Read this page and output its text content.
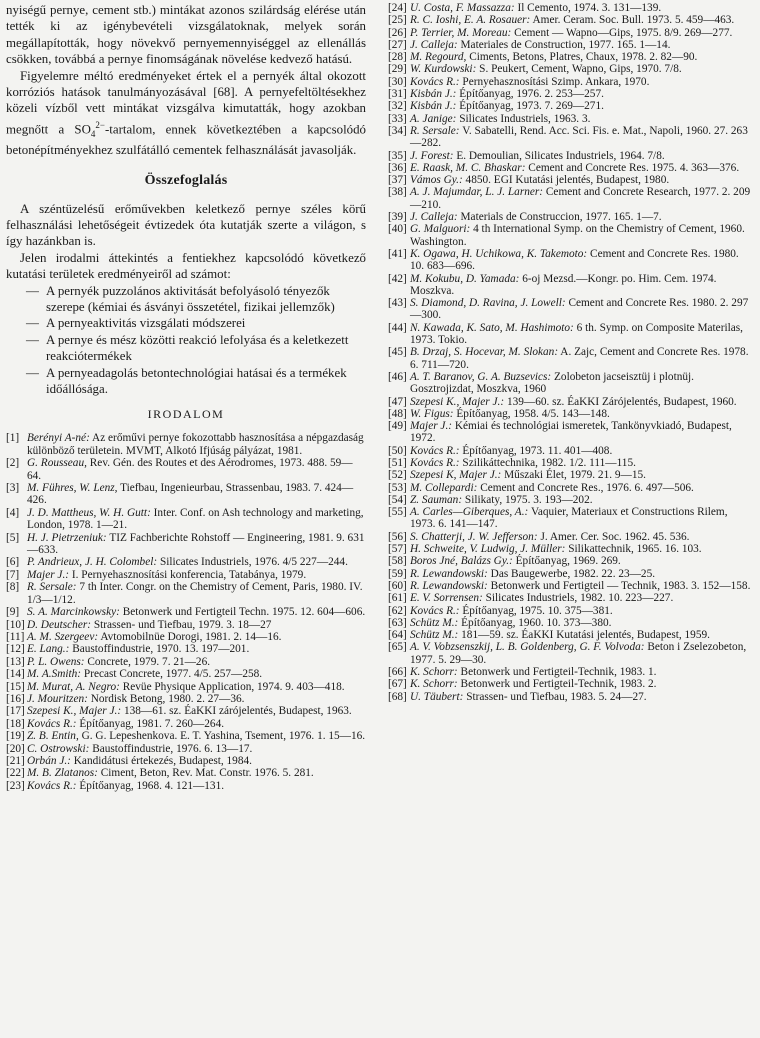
nyiségű pernye, cement stb.) mintákat azonos szilárdság elérése után tették ki az igénybevételi vizsgálatoknak, melyek során megállapították, hogy növekvő pernyemennyiséggel az ellenállás csökken, továbbá a pernye finomságának növelése kedvező hatású.

Figyelemre méltó eredményeket értek el a pernyék által okozott korróziós hatások tanulmányozásával [68]. A pernyefeltöltésekhez közeli vízből vett mintákat vizsgálva kimutatták, hogy azokban megnőtt a $SO_4^{2-}$-tartalom, ennek következtében a kapcsolódó betonépítményekhez szulfátálló cementek felhasználását javasolják.

Összefoglalás

A széntüzelésű erőművekben keletkező pernye széles körű felhasználási lehetőségeit évtizedek óta kutatják szerte a világon, s így hazánkban is.

Jelen irodalmi áttekintés a fentiekhez kapcsolódó következő kutatási területek eredményeiről ad számot:

— A pernyék puzzolános aktivitását befolyásoló tényezők szerepe (kémiai és ásványi összetétel, fizikai jellemzők)
— A pernyeaktivitás vizsgálati módszerei
— A pernye és mész közötti reakció lefolyása és a keletkezett reakciótermékek
— A pernyeadagolás betontechnológiai hatásai és a termékek időállósága.
IRODALOM
[1] Berényi A-né: Az erőművi pernye fokozottabb hasznosítása a népgazdaság különböző területein. MVMT, Alkotó Ifjúság pályázat, 1981.
[2] G. Rousseau, Rev. Gén. des Routes et des Aérodromes, 1973. 488. 59—64.
[3] M. Führes, W. Lenz, Tiefbau, Ingenieurbau, Strassenbau, 1983. 7. 424—426.
[4] J. D. Mattheus, W. H. Gutt: Inter. Conf. on Ash technology and marketing, London, 1978. 1—21.
[5] H. J. Pietrzeniuk: TIZ Fachberichte Rohstoff — Engineering, 1981. 9. 631—633.
[6] P. Andrieux, J. H. Colombel: Silicates Industriels, 1976. 4/5 227—244.
[7] Majer J.: I. Pernyehasznosítási konferencia, Tatabánya, 1979.
[8] R. Sersale: 7 th Inter. Congr. on the Chemistry of Cement, Paris, 1980. IV. 1/3—1/12.
[9] S. A. Marcinkowsky: Betonwerk und Fertigteil Techn. 1975. 12. 604—606.
[10] D. Deutscher: Strassen- und Tiefbau, 1979. 3. 18—27
[11] A. M. Szergeev: Avtomobilnüe Dorogi, 1981. 2. 14—16.
[12] E. Lang.: Baustoffindustrie, 1970. 13. 197—201.
[13] P. L. Owens: Concrete, 1979. 7. 21—26.
[14] M. A.Smith: Precast Concrete, 1977. 4/5. 257—258.
[15] M. Murat, A. Negro: Revüe Physique Application, 1974. 9. 403—418.
[16] J. Mouritzen: Nordisk Betong, 1980. 2. 27—36.
[17] Szepesi K., Majer J.: 138—61. sz. ÉaKKI zárójelentés, Budapest, 1963.
[18] Kovács R.: Építőanyag, 1981. 7. 260—264.
[19] Z. B. Entin, G. G. Lepeshenkova. E. T. Yashina, Tsement, 1976. 1. 15—16.
[20] C. Ostrowski: Baustoffindustrie, 1976. 6. 13—17.
[21] Orbán J.: Kandidátusi értekezés, Budapest, 1984.
[22] M. B. Zlatanos: Ciment, Beton, Rev. Mat. Constr. 1976. 5. 281.
[23] Kovács R.: Építőanyag, 1968. 4. 121—131.
[24] U. Costa, F. Massazza: Il Cemento, 1974. 3. 131—139.
[25] R. C. Ioshi, E. A. Rosauer: Amer. Ceram. Soc. Bull. 1973. 5. 459—463.
[26] P. Terrier, M. Moreau: Cement — Wapno—Gips, 1975. 8/9. 269—277.
[27] J. Calleja: Materiales de Construction, 1977. 165. 1—14.
[28] M. Regourd, Ciments, Betons, Platres, Chaux, 1978. 2. 82—90.
[29] W. Kurdowski: S. Peukert, Cement, Wapno, Gips, 1970. 7/8.
[30] Kovács R.: Pernyehasznosítási Szimp. Ankara, 1970.
[31] Kisbán J.: Építőanyag, 1976. 2. 253—257.
[32] Kisbán J.: Építőanyag, 1973. 7. 269—271.
[33] A. Janige: Silicates Industriels, 1963. 3.
[34] R. Sersale: V. Sabatelli, Rend. Acc. Sci. Fis. e. Mat., Napoli, 1960. 27. 263—282.
[35] J. Forest: E. Demoulian, Silicates Industriels, 1964. 7/8.
[36] E. Raask, M. C. Bhaskar: Cement and Concrete Res. 1975. 4. 363—376.
[37] Vámos Gy.: 4850. EGI Kutatási jelentés, Budapest, 1980.
[38] A. J. Majumdar, L. J. Larner: Cement and Concrete Research, 1977. 2. 209—210.
[39] J. Calleja: Materials de Construccion, 1977. 165. 1—7.
[40] G. Malguori: 4 th International Symp. on the Chemistry of Cement, 1960. Washington.
[41] K. Ogawa, H. Uchikowa, K. Takemoto: Cement and Concrete Res. 1980. 10. 683—696.
[42] M. Kokubu, D. Yamada: 6-oj Mezsd.—Kongr. po. Him. Cem. 1974. Moszkva.
[43] S. Diamond, D. Ravina, J. Lowell: Cement and Concrete Res. 1980. 2. 297—300.
[44] N. Kawada, K. Sato, M. Hashimoto: 6 th. Symp. on Composite Materilas, 1973. Tokio.
[45] B. Drzaj, S. Hocevar, M. Slokan: A. Zajc, Cement and Concrete Res. 1978. 6. 711—720.
[46] A. T. Baranov, G. A. Buzsevics: Zolobeton jacseisztüj i plotnüj. Gosztrojizdat, Moszkva, 1960
[47] Szepesi K., Majer J.: 139—60. sz. ÉaKKI Zárójelentés, Budapest, 1960.
[48] W. Figus: Építőanyag, 1958. 4/5. 143—148.
[49] Majer J.: Kémiai és technológiai ismeretek, Tankönyvkiadó, Budapest, 1972.
[50] Kovács R.: Építőanyag, 1973. 11. 401—408.
[51] Kovács R.: Szilikáttechnika, 1982. 1/2. 111—115.
[52] Szepesi K, Majer J.: Műszaki Élet, 1979. 21. 9—15.
[53] M. Collepardi: Cement and Concrete Res., 1976. 6. 497—506.
[54] Z. Sauman: Silikaty, 1975. 3. 193—202.
[55] A. Carles—Giberques, A.: Vaquier, Materiaux et Constructions Rilem, 1973. 6. 141—147.
[56] S. Chatterji, J. W. Jefferson: J. Amer. Cer. Soc. 1962. 45. 536.
[57] H. Schweite, V. Ludwig, J. Müller: Silikattechnik, 1965. 16. 103.
[58] Boros Jné, Balázs Gy.: Építőanyag, 1969. 269.
[59] R. Lewandowski: Das Baugewerbe, 1982. 22. 23—25.
[60] R. Lewandowski: Betonwerk und Fertigteil — Technik, 1983. 3. 152—158.
[61] E. V. Sorrensen: Silicates Industriels, 1982. 10. 223—227.
[62] Kovács R.: Építőanyag, 1975. 10. 375—381.
[63] Schütz M.: Építőanyag, 1960. 10. 373—380.
[64] Schütz M.: 181—59. sz. ÉaKKI Kutatási jelentés, Budapest, 1959.
[65] A. V. Vobzsenszkij, L. B. Goldenberg, G. F. Volvoda: Beton i Zselezobeton, 1977. 5. 29—30.
[66] K. Schorr: Betonwerk und Fertigteil-Technik, 1983. 1.
[67] K. Schorr: Betonwerk und Fertigteil-Technik, 1983. 2.
[68] U. Täubert: Strassen- und Tiefbau, 1983. 5. 24—27.
